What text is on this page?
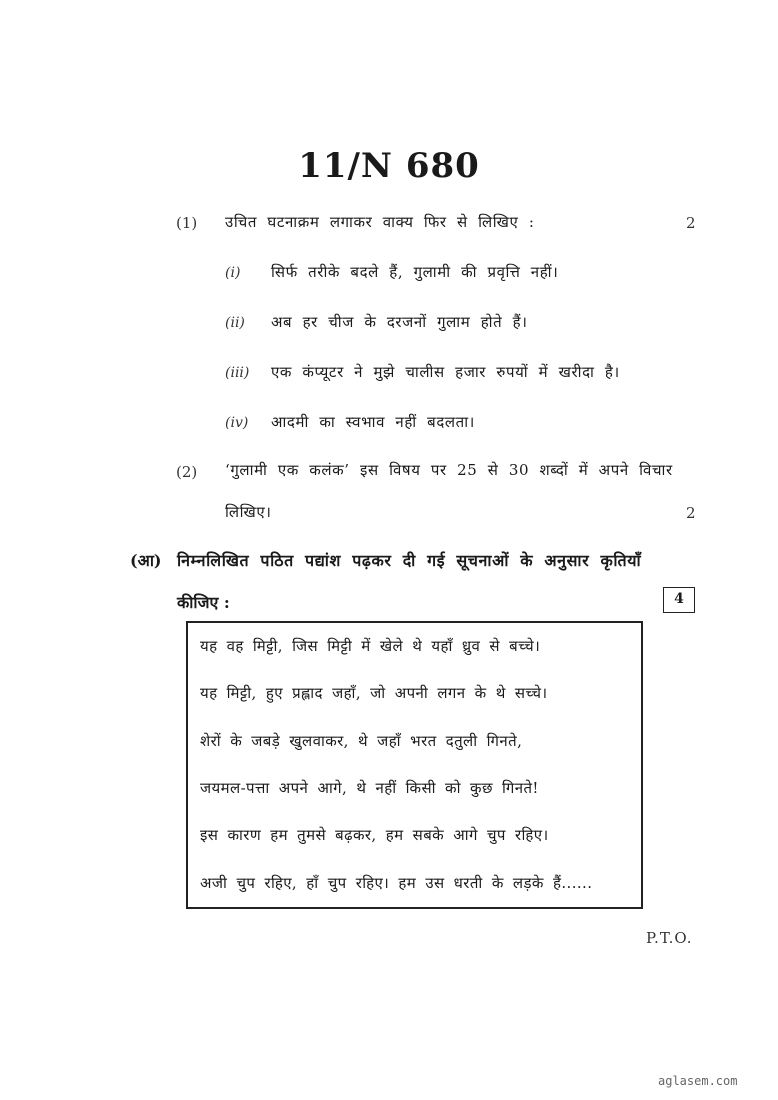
11/N 680
(1) उचित घटनाक्रम लगाकर वाक्य फिर से लिखिए :	2
(i) सिर्फ तरीके बदले हैं, गुलामी की प्रवृत्ति नहीं।
(ii) अब हर चीज के दरजनों गुलाम होते हैं।
(iii) एक कंप्यूटर ने मुझे चालीस हजार रुपयों में खरीदा है।
(iv) आदमी का स्वभाव नहीं बदलता।
(2) ‘गुलामी एक कलंक’ इस विषय पर 25 से 30 शब्दों में अपने विचार
लिखिए।	2
(आ) निम्नलिखित पठित पद्यांश पढ़कर दी गई सूचनाओं के अनुसार कृतियाँ
कीजिए :	4
यह वह मिट्टी, जिस मिट्टी में खेले थे यहाँ ध्रुव से बच्चे।
यह मिट्टी, हुए प्रह्लाद जहाँ, जो अपनी लगन के थे सच्चे।
शेरों के जबड़े खुलवाकर, थे जहाँ भरत दतुली गिनते,
जयमल-पत्ता अपने आगे, थे नहीं किसी को कुछ गिनते!
इस कारण हम तुमसे बढ़कर, हम सबके आगे चुप रहिए।
अजी चुप रहिए, हाँ चुप रहिए। हम उस धरती के लड़के हैं......
P.T.O.
aglasem.com
